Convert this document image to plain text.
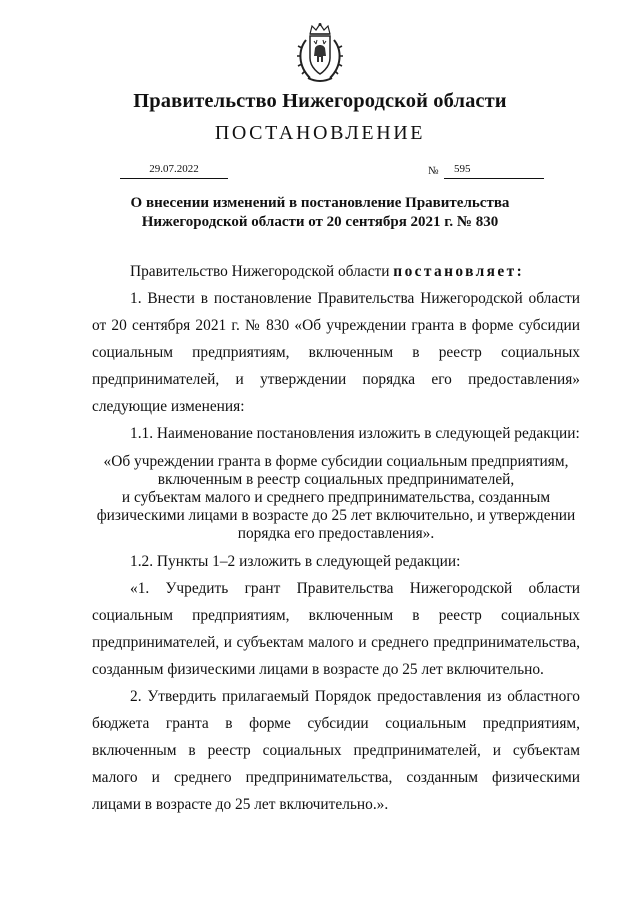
Правительство Нижегородской области
ПОСТАНОВЛЕНИЕ
29.07.2022	№	595
О внесении изменений в постановление Правительства
Нижегородской области от 20 сентября 2021 г. № 830

Правительство Нижегородской области постановляет:

1. Внести в постановление Правительства Нижегородской области от 20 сентября 2021 г. № 830 «Об учреждении гранта в форме субсидии социальным предприятиям, включенным в реестр социальных предпринимателей, и утверждении порядка его предоставления» следующие изменения:

1.1. Наименование постановления изложить в следующей редакции:

«Об учреждении гранта в форме субсидии социальным предприятиям,
включенным в реестр социальных предпринимателей,
и субъектам малого и среднего предпринимательства, созданным
физическими лицами в возрасте до 25 лет включительно, и утверждении
порядка его предоставления».

1.2. Пункты 1–2 изложить в следующей редакции:

«1. Учредить грант Правительства Нижегородской области социальным предприятиям, включенным в реестр социальных предпринимателей, и субъектам малого и среднего предпринимательства, созданным физическими лицами в возрасте до 25 лет включительно.

2. Утвердить прилагаемый Порядок предоставления из областного бюджета гранта в форме субсидии социальным предприятиям, включенным в реестр социальных предпринимателей, и субъектам малого и среднего предпринимательства, созданным физическими лицами в возрасте до 25 лет включительно.».
